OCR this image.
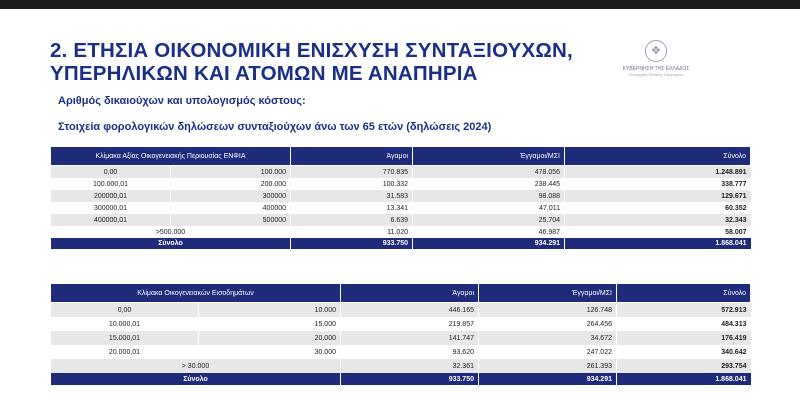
2. ΕΤΗΣΙΑ ΟΙΚΟΝΟΜΙΚΗ ΕΝΙΣΧΥΣΗ ΣΥΝΤΑΞΙΟΥΧΩΝ,
ΥΠΕΡΗΛΙΚΩΝ ΚΑΙ ΑΤΟΜΩΝ ΜΕ ΑΝΑΠΗΡΙΑ
✥
ΚΥΒΕΡΝΗΣΗ ΤΗΣ ΕΛΛΑΔΟΣ
Υπουργείο Εθνικής Οικονομίας
Αριθμός δικαιούχων και υπολογισμός κόστους:
Στοιχεία φορολογικών δηλώσεων συνταξιούχων άνω των 65 ετών (δηλώσεις 2024)
Κλίμακα Αξίας Οικογενειακής Περιουσίας ΕΝΦΙΑ		Άγαμοι	Έγγαμοι/ΜΣΙ	Σύνολο
0,00	100.000	770.835	478.056	1.248.891
100.000,01	200.000	100.332	238.445	338.777
200000,01	300000	31.583	98.088	129.671
300000,01	400000	13.341	47.011	60.352
400000,01	500000	6.639	25.704	32.343
>500.000		11.020	46.987	58.007
Σύνολο		933.750	934.291	1.868.041
Κλίμακα Οικογενειακών Εισοδημάτων		Άγαμοι	Έγγαμοι/ΜΣΙ	Σύνολο
0,00	10.000	446.165	126.748	572.913
10.000,01	15.000	219.857	264.456	484.313
15.000,01	20.000	141.747	34.672	176.419
20.000,01	30.000	93.620	247.022	340.642
> 30.000		32.361	261.393	293.754
Σύνολο		933.750	934.291	1.868.041
